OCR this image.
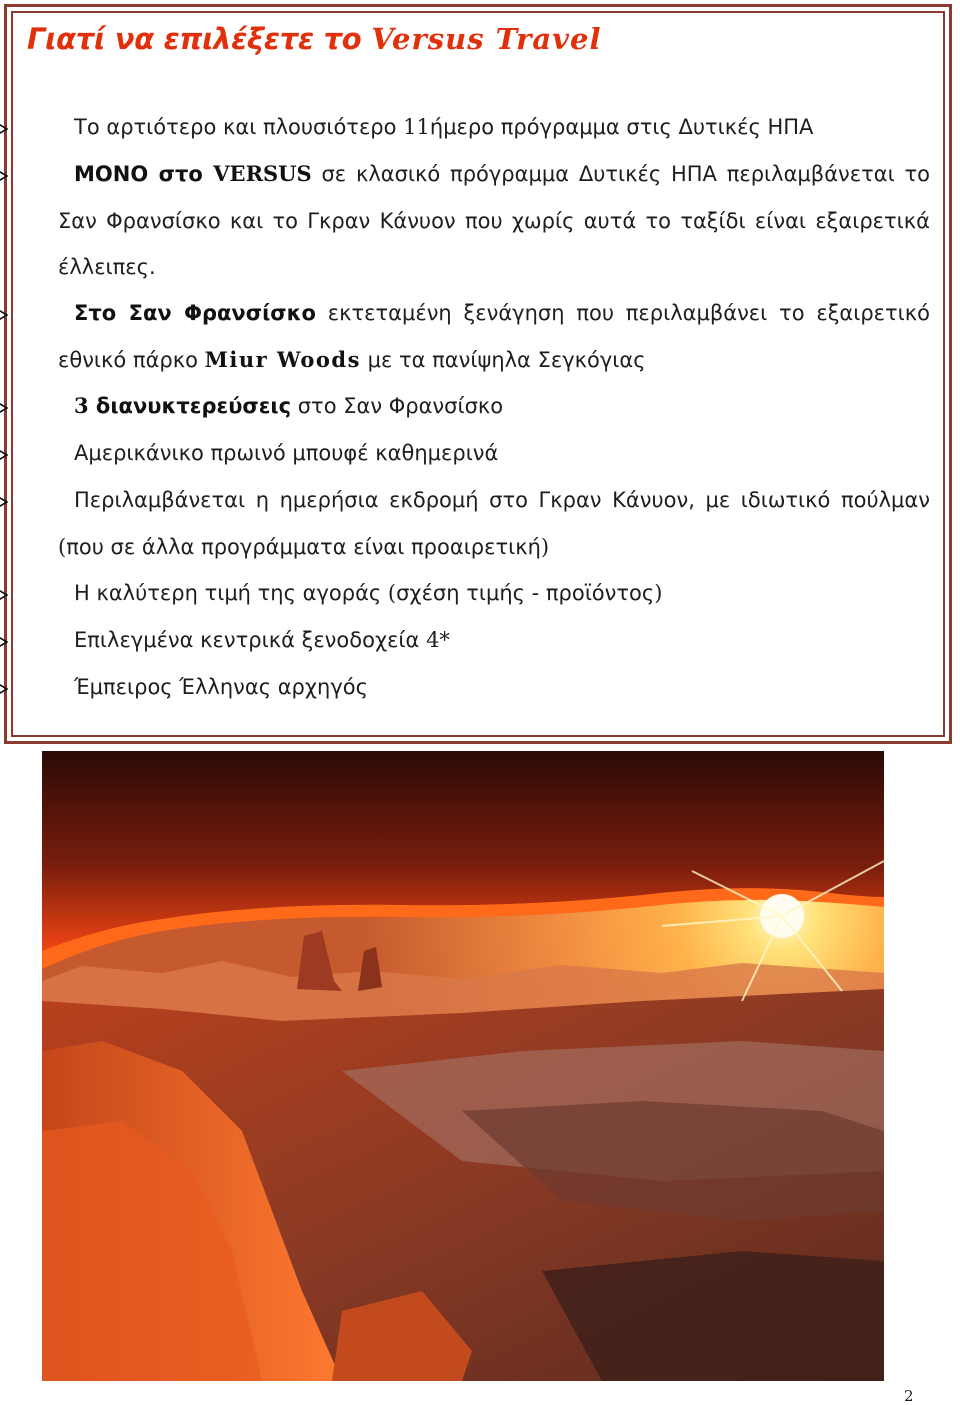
Γιατί να επιλέξετε το Versus Travel
Το αρτιότερο και πλουσιότερο 11ήμερο πρόγραμμα στις Δυτικές ΗΠΑ
ΜΟΝΟ στο VERSUS σε κλασικό πρόγραμμα Δυτικές ΗΠΑ περιλαμβάνεται το Σαν Φρανσίσκο και το Γκραν Κάνυον που χωρίς αυτά το ταξίδι είναι εξαιρετικά έλλειπες.
Στο Σαν Φρανσίσκο εκτεταμένη ξενάγηση που περιλαμβάνει το εξαιρετικό εθνικό πάρκο Miur Woods με τα πανίψηλα Σεγκόγιας
3 διανυκτερεύσεις στο Σαν Φρανσίσκο
Αμερικάνικο πρωινό μπουφέ καθημερινά
Περιλαμβάνεται η ημερήσια εκδρομή στο Γκραν Κάνυον, με ιδιωτικό πούλμαν (που σε άλλα προγράμματα είναι προαιρετική)
Η καλύτερη τιμή της αγοράς (σχέση τιμής - προϊόντος)
Επιλεγμένα κεντρικά ξενοδοχεία 4*
Έμπειρος Έλληνας αρχηγός
2
